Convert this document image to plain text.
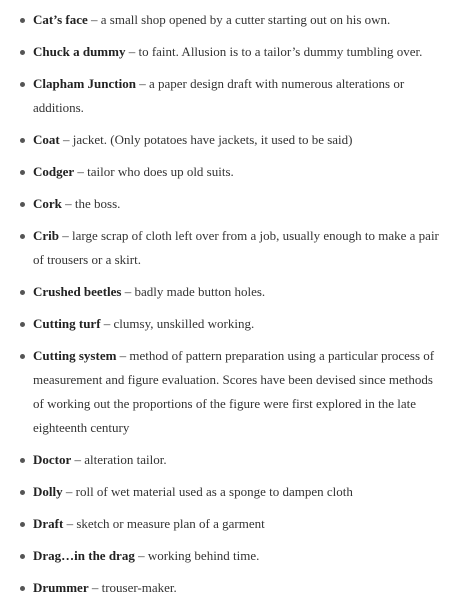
Cat’s face – a small shop opened by a cutter starting out on his own.
Chuck a dummy – to faint. Allusion is to a tailor’s dummy tumbling over.
Clapham Junction – a paper design draft with numerous alterations or additions.
Coat – jacket. (Only potatoes have jackets, it used to be said)
Codger – tailor who does up old suits.
Cork – the boss.
Crib – large scrap of cloth left over from a job, usually enough to make a pair of trousers or a skirt.
Crushed beetles – badly made button holes.
Cutting turf – clumsy, unskilled working.
Cutting system – method of pattern preparation using a particular process of measurement and figure evaluation. Scores have been devised since methods of working out the proportions of the figure were first explored in the late eighteenth century
Doctor – alteration tailor.
Dolly – roll of wet material used as a sponge to dampen cloth
Draft – sketch or measure plan of a garment
Drag…in the drag – working behind time.
Drummer – trouser-maker.
